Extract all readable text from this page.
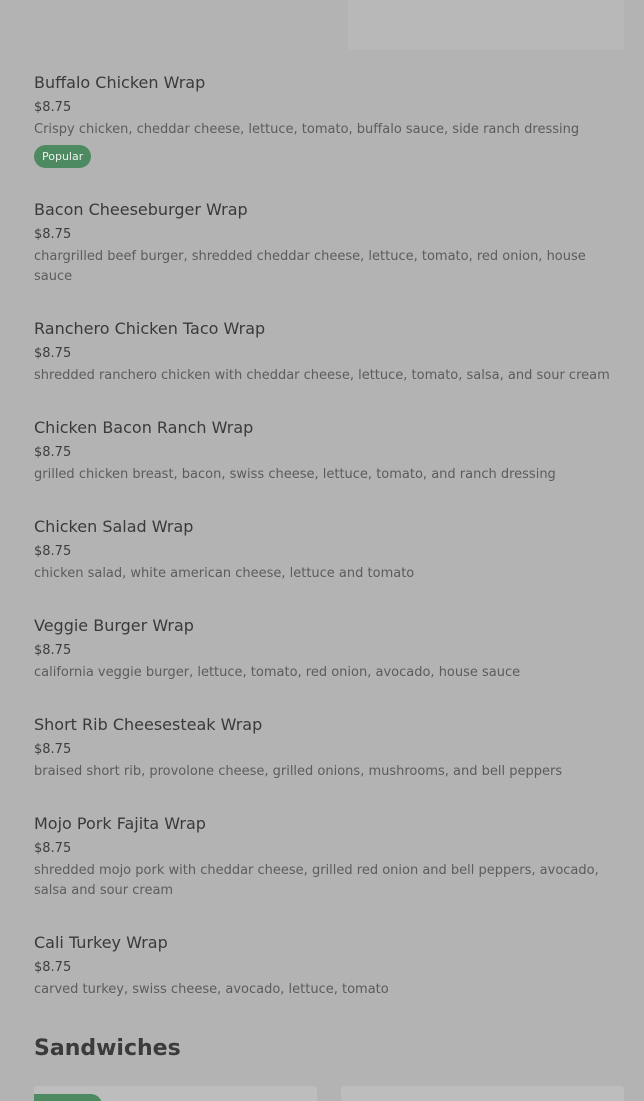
Buffalo Chicken Wrap

$8.75

Crispy chicken, cheddar cheese, lettuce, tomato, buffalo sauce, side ranch dressing

Popular

Bacon Cheeseburger Wrap

$8.75

chargrilled beef burger, shredded cheddar cheese, lettuce, tomato, red onion, house sauce

Ranchero Chicken Taco Wrap

$8.75

shredded ranchero chicken with cheddar cheese, lettuce, tomato, salsa, and sour cream

Chicken Bacon Ranch Wrap

$8.75

grilled chicken breast, bacon, swiss cheese, lettuce, tomato, and ranch dressing

Chicken Salad Wrap

$8.75

chicken salad, white american cheese, lettuce and tomato

Veggie Burger Wrap

$8.75

california veggie burger, lettuce, tomato, red onion, avocado, house sauce

Short Rib Cheesesteak Wrap

$8.75

braised short rib, provolone cheese, grilled onions, mushrooms, and bell peppers

Mojo Pork Fajita Wrap

$8.75

shredded mojo pork with cheddar cheese, grilled red onion and bell peppers, avocado, salsa and sour cream

Cali Turkey Wrap

$8.75

carved turkey, swiss cheese, avocado, lettuce, tomato

Sandwiches
